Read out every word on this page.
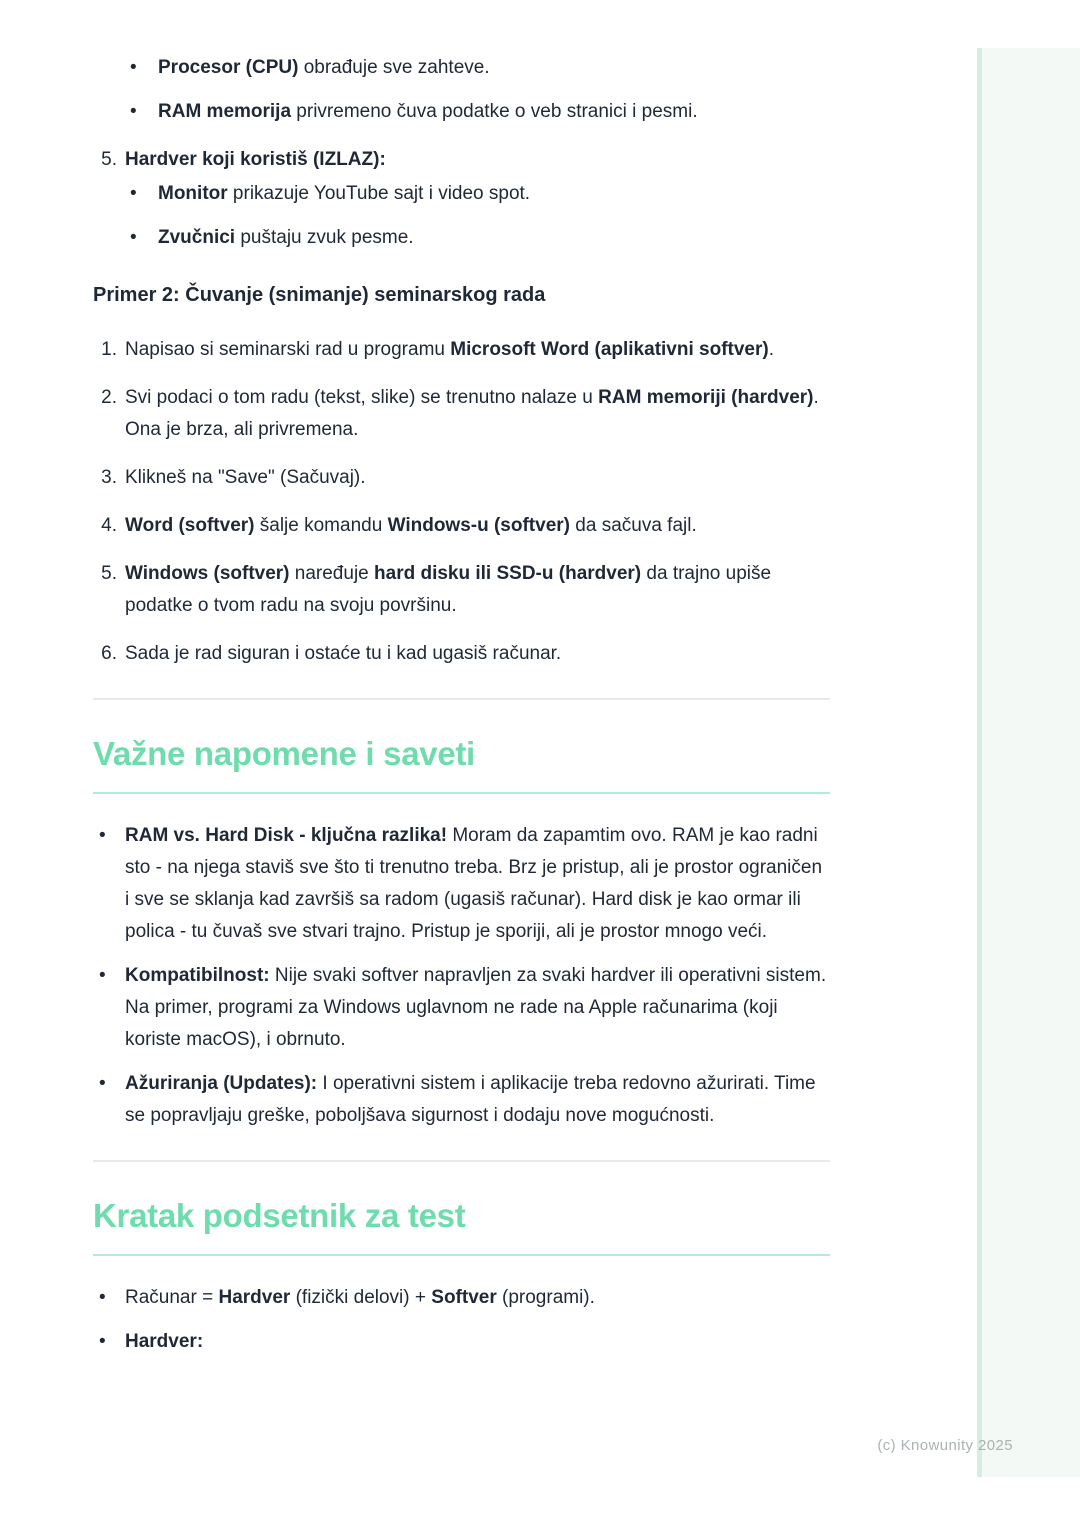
• Procesor (CPU) obrađuje sve zahteve.
• RAM memorija privremeno čuva podatke o veb stranici i pesmi.
5. Hardver koji koristiš (IZLAZ):
• Monitor prikazuje YouTube sajt i video spot.
• Zvučnici puštaju zvuk pesme.
Primer 2: Čuvanje (snimanje) seminarskog rada
1. Napisao si seminarski rad u programu Microsoft Word (aplikativni softver).
2. Svi podaci o tom radu (tekst, slike) se trenutno nalaze u RAM memoriji (hardver). Ona je brza, ali privremena.
3. Klikneš na "Save" (Sačuvaj).
4. Word (softver) šalje komandu Windows-u (softver) da sačuva fajl.
5. Windows (softver) naređuje hard disku ili SSD-u (hardver) da trajno upiše podatke o tvom radu na svoju površinu.
6. Sada je rad siguran i ostaće tu i kad ugasiš računar.
Važne napomene i saveti
• RAM vs. Hard Disk - ključna razlika! Moram da zapamtim ovo. RAM je kao radni sto - na njega staviš sve što ti trenutno treba. Brz je pristup, ali je prostor ograničen i sve se sklanja kad završiš sa radom (ugasiš računar). Hard disk je kao ormar ili polica - tu čuvaš sve stvari trajno. Pristup je sporiji, ali je prostor mnogo veći.
• Kompatibilnost: Nije svaki softver napravljen za svaki hardver ili operativni sistem. Na primer, programi za Windows uglavnom ne rade na Apple računarima (koji koriste macOS), i obrnuto.
• Ažuriranja (Updates): I operativni sistem i aplikacije treba redovno ažurirati. Time se popravljaju greške, poboljšava sigurnost i dodaju nove mogućnosti.
Kratak podsetnik za test
• Računar = Hardver (fizički delovi) + Softver (programi).
• Hardver:
(c) Knowunity 2025
